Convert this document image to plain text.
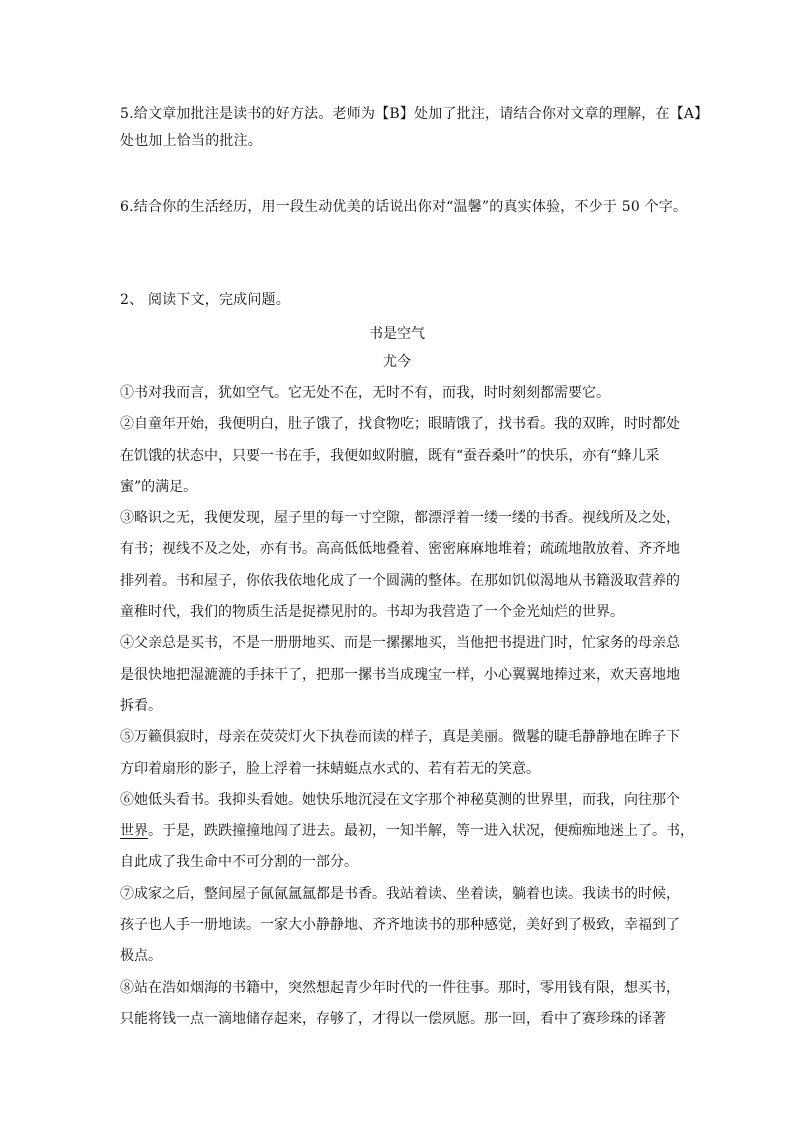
5.给文章加批注是读书的好方法。老师为【B】处加了批注，请结合你对文章的理解，在【A】
处也加上恰当的批注。
6.结合你的生活经历，用一段生动优美的话说出你对“温馨”的真实体验，不少于 50 个字。
2、 阅读下文，完成问题。
书是空气
尤今
①书对我而言，犹如空气。它无处不在，无时不有，而我，时时刻刻都需要它。
②自童年开始，我便明白，肚子饿了，找食物吃；眼睛饿了，找书看。我的双眸，时时都处
在饥饿的状态中，只要一书在手，我便如蚁附膻，既有“蚕吞桑叶”的快乐，亦有“蜂儿采
蜜”的满足。
③略识之无，我便发现，屋子里的每一寸空隙，都漂浮着一缕一缕的书香。视线所及之处，
有书；视线不及之处，亦有书。高高低低地叠着、密密麻麻地堆着；疏疏地散放着、齐齐地
排列着。书和屋子，你依我依地化成了一个圆满的整体。在那如饥似渴地从书籍汲取营养的
童稚时代，我们的物质生活是捉襟见肘的。书却为我营造了一个金光灿烂的世界。
④父亲总是买书，不是一册册地买、而是一摞摞地买，当他把书提进门时，忙家务的母亲总
是很快地把湿漉漉的手抹干了，把那一摞书当成瑰宝一样，小心翼翼地捧过来，欢天喜地地
拆看。
⑤万籁俱寂时，母亲在荧荧灯火下执卷而读的样子，真是美丽。微鬈的睫毛静静地在眸子下
方印着扇形的影子，脸上浮着一抹蜻蜓点水式的、若有若无的笑意。
⑥她低头看书。我抑头看她。她快乐地沉浸在文字那个神秘莫测的世界里，而我，向往那个
世界。于是，跌跌撞撞地闯了进去。最初，一知半解，等一进入状况，便痴痴地迷上了。书，
自此成了我生命中不可分割的一部分。
⑦成家之后，整间屋子氤氤氲氲都是书香。我站着读、坐着读，躺着也读。我读书的时候，
孩子也人手一册地读。一家大小静静地、齐齐地读书的那种感觉，美好到了极致，幸福到了
极点。
⑧站在浩如烟海的书籍中，突然想起青少年时代的一件往事。那时，零用钱有限，想买书，
只能将钱一点一滴地储存起来，存够了，才得以一偿夙愿。那一回，看中了赛珍珠的译著
